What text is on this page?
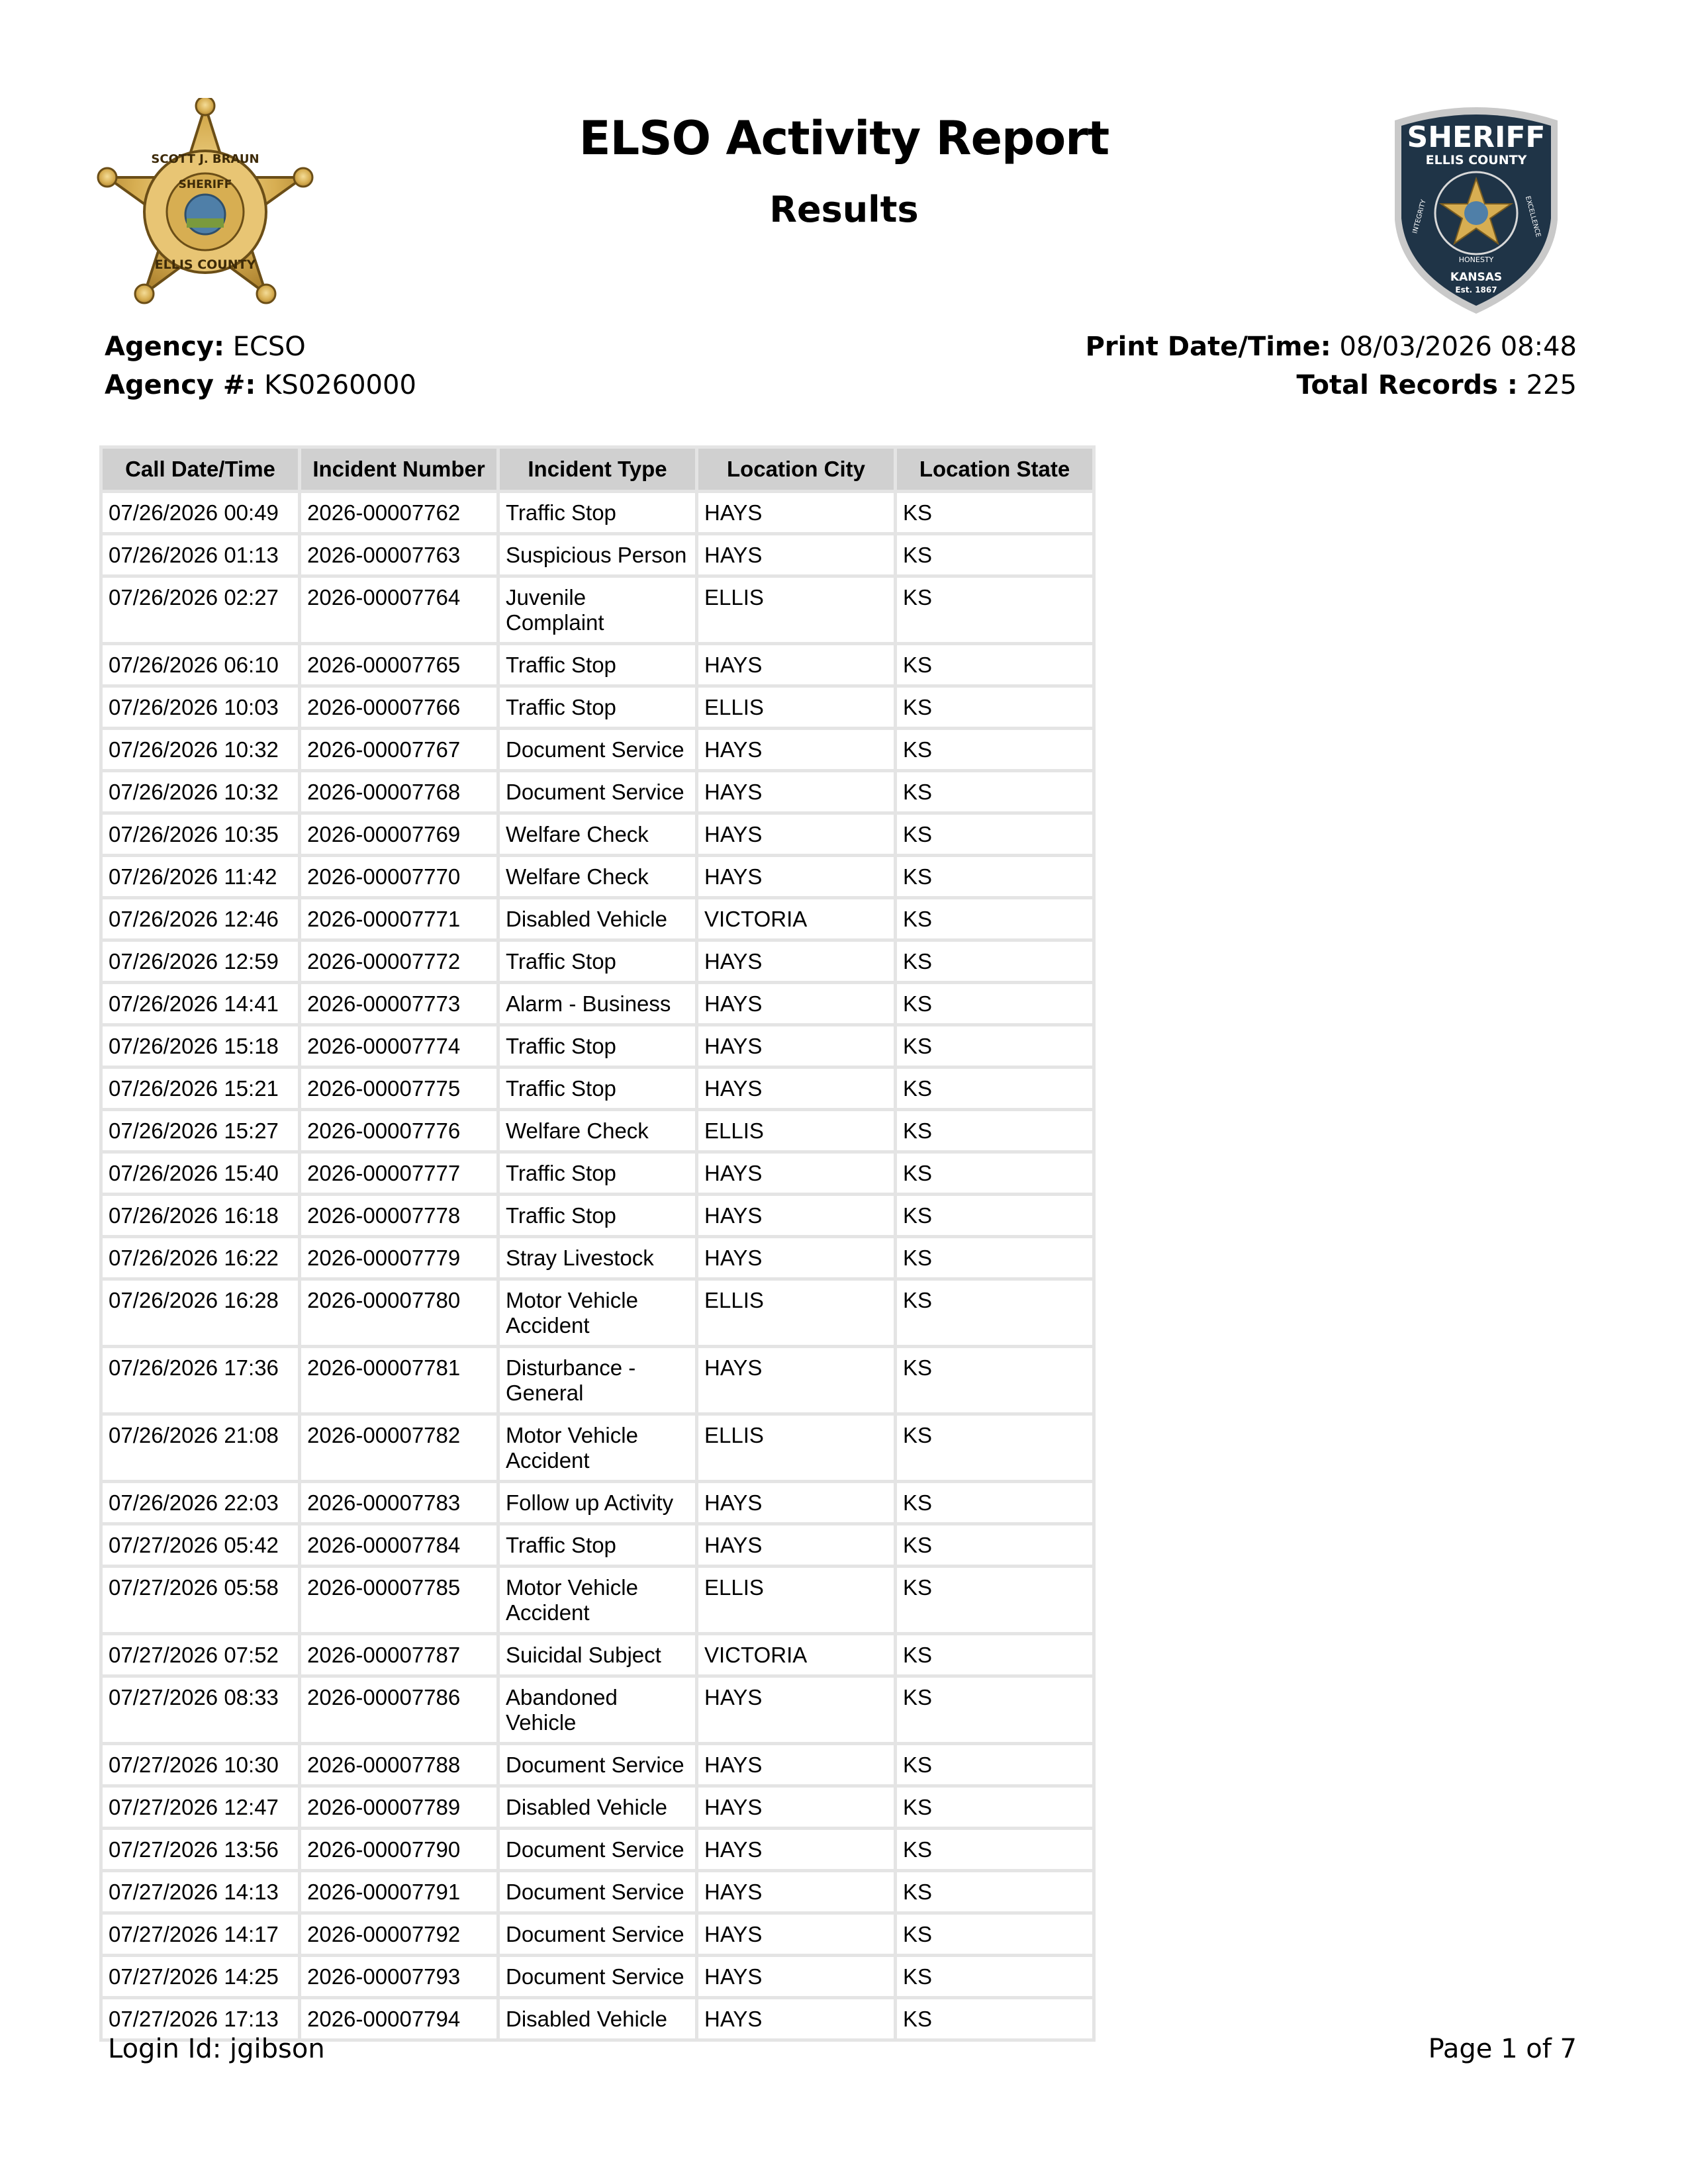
SCOTT J. BRAUN
SHERIFF
ELLIS COUNTY
ELSO Activity Report
Results
SHERIFF
ELLIS COUNTY
INTEGRITY	EXCELLENCE
HONESTY
KANSAS
Est. 1867
Agency: ECSO
Agency #: KS0260000
Print Date/Time: 08/03/2026 08:48
Total Records : 225
Call Date/Time	Incident Number	Incident Type	Location City	Location State
07/26/2026 00:49	2026-00007762	Traffic Stop	HAYS	KS
07/26/2026 01:13	2026-00007763	Suspicious Person	HAYS	KS
07/26/2026 02:27	2026-00007764	Juvenile Complaint	ELLIS	KS
07/26/2026 06:10	2026-00007765	Traffic Stop	HAYS	KS
07/26/2026 10:03	2026-00007766	Traffic Stop	ELLIS	KS
07/26/2026 10:32	2026-00007767	Document Service	HAYS	KS
07/26/2026 10:32	2026-00007768	Document Service	HAYS	KS
07/26/2026 10:35	2026-00007769	Welfare Check	HAYS	KS
07/26/2026 11:42	2026-00007770	Welfare Check	HAYS	KS
07/26/2026 12:46	2026-00007771	Disabled Vehicle	VICTORIA	KS
07/26/2026 12:59	2026-00007772	Traffic Stop	HAYS	KS
07/26/2026 14:41	2026-00007773	Alarm - Business	HAYS	KS
07/26/2026 15:18	2026-00007774	Traffic Stop	HAYS	KS
07/26/2026 15:21	2026-00007775	Traffic Stop	HAYS	KS
07/26/2026 15:27	2026-00007776	Welfare Check	ELLIS	KS
07/26/2026 15:40	2026-00007777	Traffic Stop	HAYS	KS
07/26/2026 16:18	2026-00007778	Traffic Stop	HAYS	KS
07/26/2026 16:22	2026-00007779	Stray Livestock	HAYS	KS
07/26/2026 16:28	2026-00007780	Motor Vehicle Accident	ELLIS	KS
07/26/2026 17:36	2026-00007781	Disturbance - General	HAYS	KS
07/26/2026 21:08	2026-00007782	Motor Vehicle Accident	ELLIS	KS
07/26/2026 22:03	2026-00007783	Follow up Activity	HAYS	KS
07/27/2026 05:42	2026-00007784	Traffic Stop	HAYS	KS
07/27/2026 05:58	2026-00007785	Motor Vehicle Accident	ELLIS	KS
07/27/2026 07:52	2026-00007787	Suicidal Subject	VICTORIA	KS
07/27/2026 08:33	2026-00007786	Abandoned Vehicle	HAYS	KS
07/27/2026 10:30	2026-00007788	Document Service	HAYS	KS
07/27/2026 12:47	2026-00007789	Disabled Vehicle	HAYS	KS
07/27/2026 13:56	2026-00007790	Document Service	HAYS	KS
07/27/2026 14:13	2026-00007791	Document Service	HAYS	KS
07/27/2026 14:17	2026-00007792	Document Service	HAYS	KS
07/27/2026 14:25	2026-00007793	Document Service	HAYS	KS
07/27/2026 17:13	2026-00007794	Disabled Vehicle	HAYS	KS
Login Id: jgibson	Page 1 of 7
